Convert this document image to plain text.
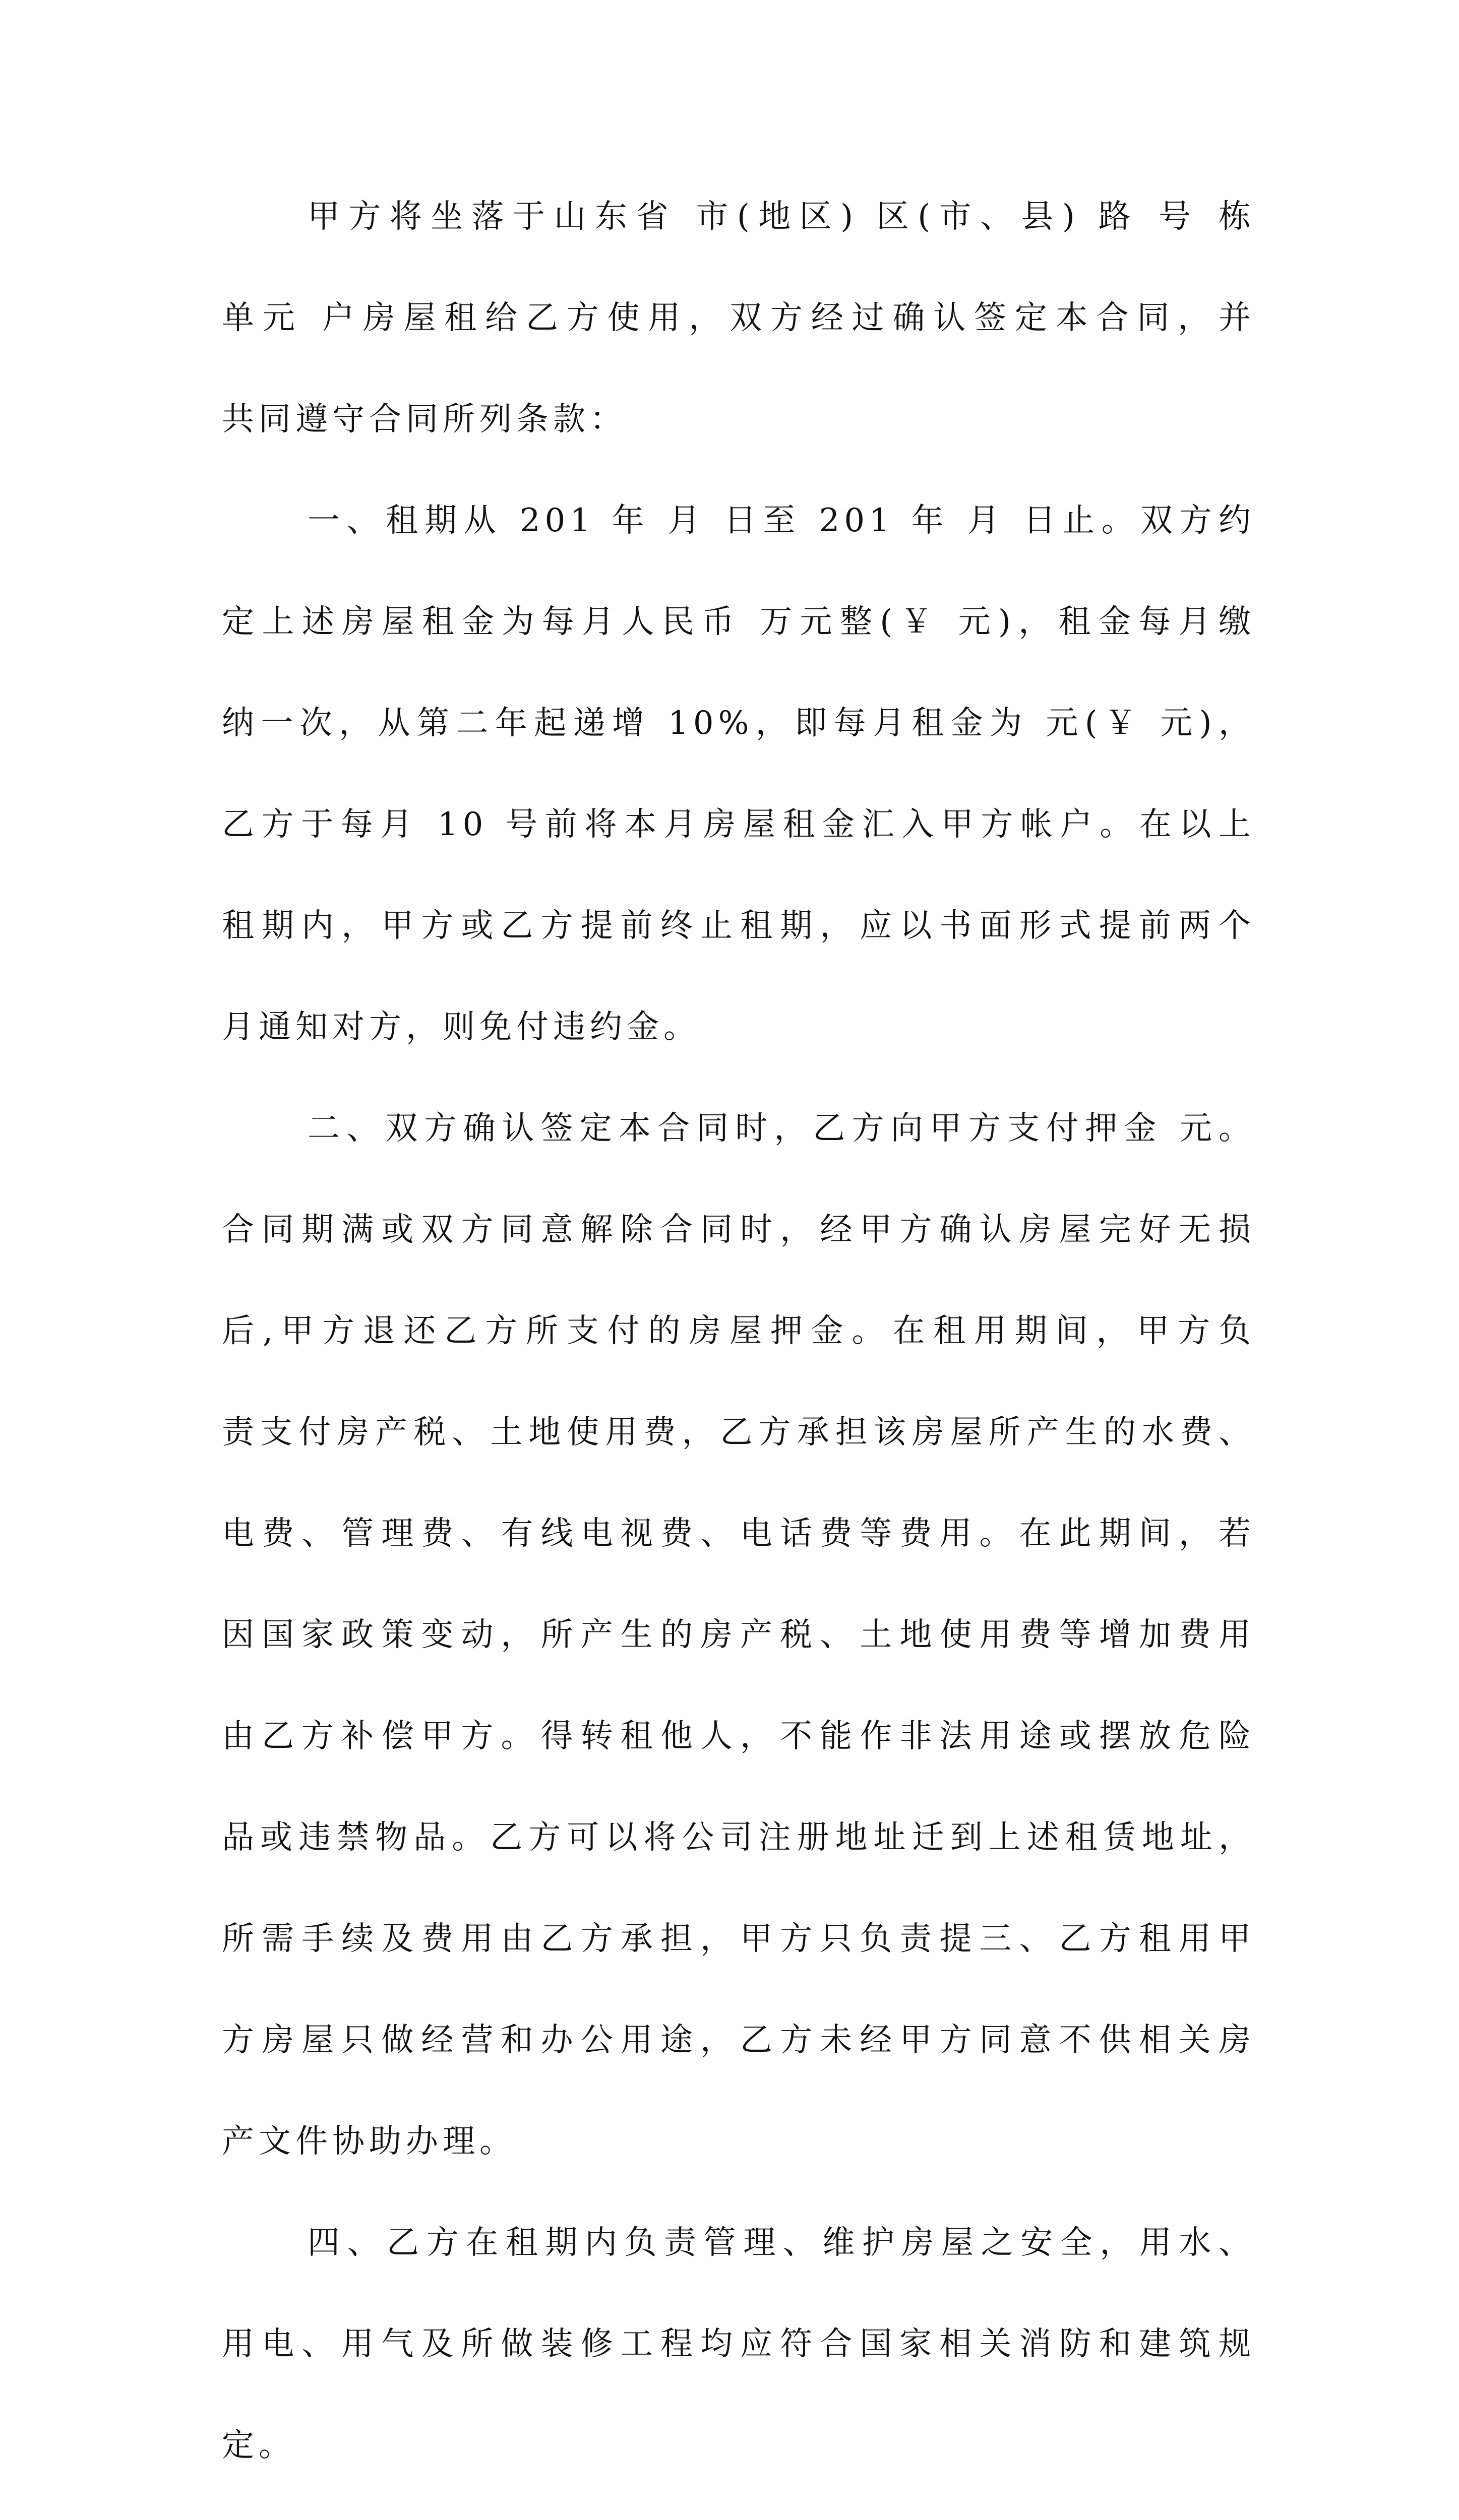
甲方将坐落于山东省 市(地区) 区(市、县) 路 号 栋
单元 户房屋租给乙方使用，双方经过确认签定本合同，并
共同遵守合同所列条款：
一、租期从 201 年 月 日至 201 年 月 日止。双方约
定上述房屋租金为每月人民币 万元整(￥ 元)，租金每月缴
纳一次，从第二年起递增 10%，即每月租金为 元(￥ 元)，
乙方于每月 10 号前将本月房屋租金汇入甲方帐户。在以上
租期内，甲方或乙方提前终止租期，应以书面形式提前两个
月通知对方，则免付违约金。
二、双方确认签定本合同时，乙方向甲方支付押金 元。
合同期满或双方同意解除合同时，经甲方确认房屋完好无损
后,甲方退还乙方所支付的房屋押金。在租用期间，甲方负
责支付房产税、土地使用费，乙方承担该房屋所产生的水费、
电费、管理费、有线电视费、电话费等费用。在此期间，若
因国家政策变动，所产生的房产税、土地使用费等增加费用
由乙方补偿甲方。得转租他人，不能作非法用途或摆放危险
品或违禁物品。乙方可以将公司注册地址迁到上述租赁地址，
所需手续及费用由乙方承担，甲方只负责提三、乙方租用甲
方房屋只做经营和办公用途，乙方未经甲方同意不供相关房
产文件协助办理。
四、乙方在租期内负责管理、维护房屋之安全，用水、
用电、用气及所做装修工程均应符合国家相关消防和建筑规
定。
